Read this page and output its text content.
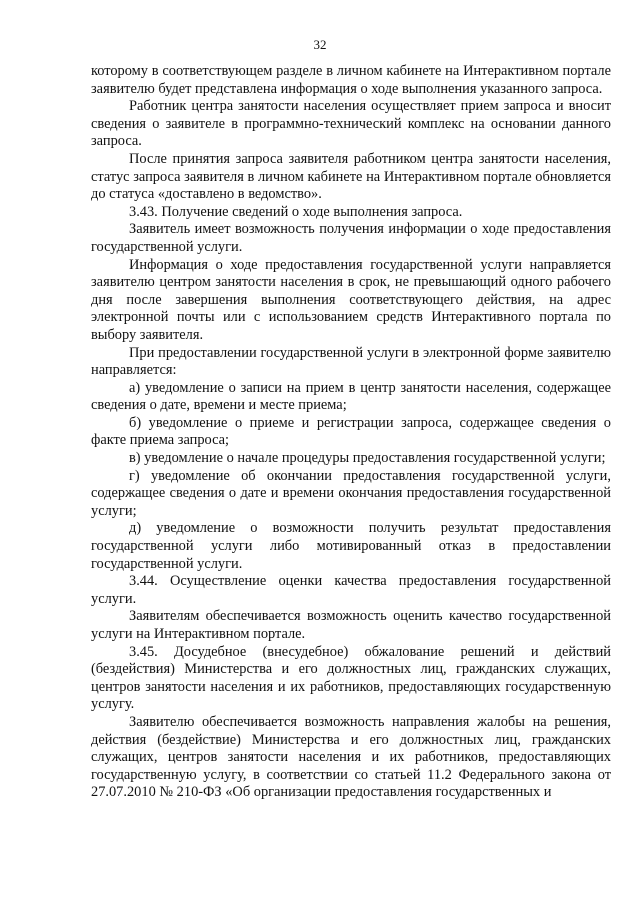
32

которому в соответствующем разделе в личном кабинете на Интерактивном портале заявителю будет представлена информация о ходе выполнения указанного запроса.

Работник центра занятости населения осуществляет прием запроса и вносит сведения о заявителе в программно-технический комплекс на основании данного запроса.

После принятия запроса заявителя работником центра занятости населения, статус запроса заявителя в личном кабинете на Интерактивном портале обновляется до статуса «доставлено в ведомство».

3.43. Получение сведений о ходе выполнения запроса.

Заявитель имеет возможность получения информации о ходе предоставления государственной услуги.

Информация о ходе предоставления государственной услуги направляется заявителю центром занятости населения в срок, не превышающий одного рабочего дня после завершения выполнения соответствующего действия, на адрес электронной почты или с использованием средств Интерактивного портала по выбору заявителя.

При предоставлении государственной услуги в электронной форме заявителю направляется:

а) уведомление о записи на прием в центр занятости населения, содержащее сведения о дате, времени и месте приема;

б) уведомление о приеме и регистрации запроса, содержащее сведения о факте приема запроса;

в) уведомление о начале процедуры предоставления государственной услуги;

г) уведомление об окончании предоставления государственной услуги, содержащее сведения о дате и времени окончания предоставления государственной услуги;

д) уведомление о возможности получить результат предоставления государственной услуги либо мотивированный отказ в предоставлении государственной услуги.

3.44. Осуществление оценки качества предоставления государственной услуги.

Заявителям обеспечивается возможность оценить качество государственной услуги на Интерактивном портале.

3.45. Досудебное (внесудебное) обжалование решений и действий (бездействия) Министерства и его должностных лиц, гражданских служащих, центров занятости населения и их работников, предоставляющих государственную услугу.

Заявителю обеспечивается возможность направления жалобы на решения, действия (бездействие) Министерства и его должностных лиц, гражданских служащих, центров занятости населения и их работников, предоставляющих государственную услугу, в соответствии со статьей 11.2 Федерального закона от 27.07.2010 № 210-ФЗ «Об организации предоставления государственных и
